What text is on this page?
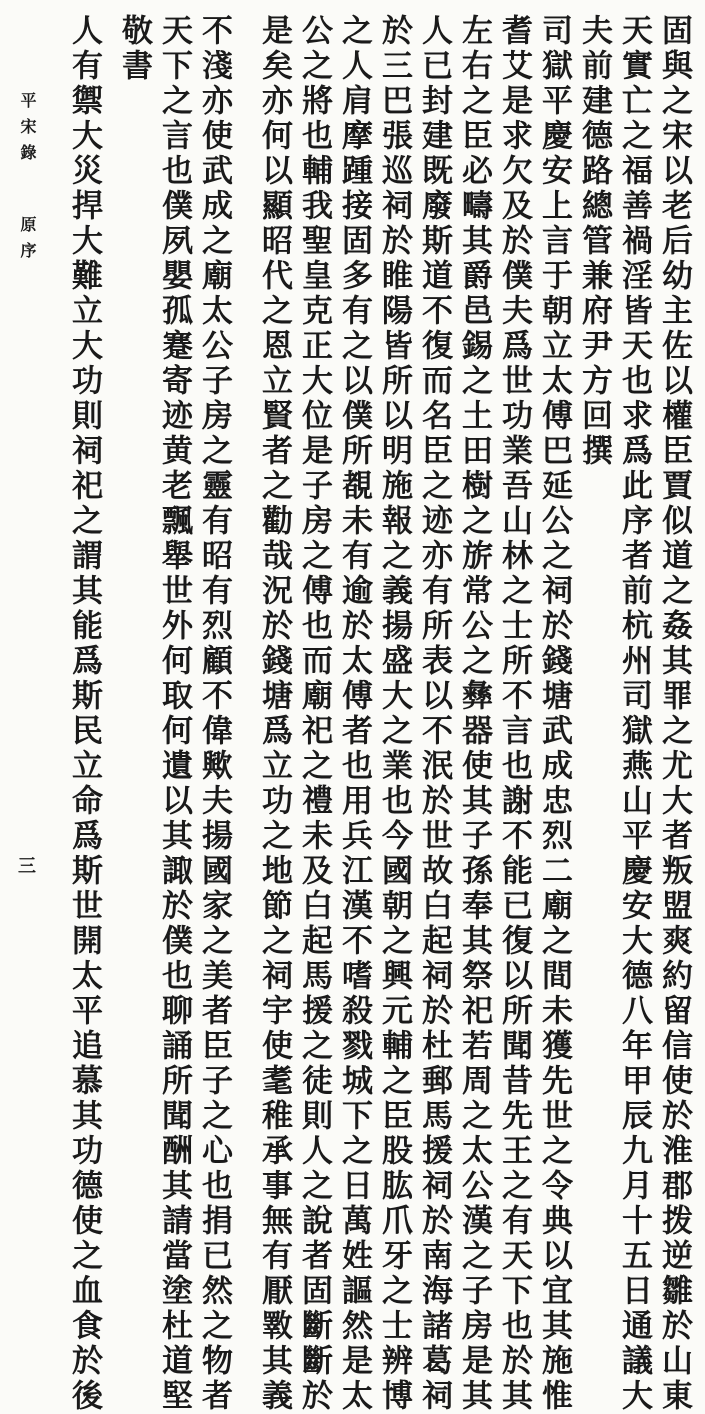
固與之宋以老后幼主佐以權臣賈似道之姦其罪之尤大者叛盟爽約留信使於淮郡拨逆雛於山東
天實亡之福善禍淫皆天也求爲此序者前杭州司獄燕山平慶安大德八年甲辰九月十五日通議大
夫前建德路總管兼府尹方回撰
司獄平慶安上言于朝立太傅巴延公之祠於錢塘武成忠烈二廟之間未獲先世之令典以宜其施惟
耆艾是求欠及於僕夫爲世功業吾山林之士所不言也謝不能已復以所聞昔先王之有天下也於其
左右之臣必疇其爵邑錫之土田樹之旂常公之彝器使其子孫奉其祭祀若周之太公漢之子房是其
人已封建既廢斯道不復而名臣之迹亦有所表以不泯於世故白起祠於杜郵馬援祠於南海諸葛祠
於三巴張巡祠於睢陽皆所以明施報之義揚盛大之業也今國朝之興元輔之臣股肱爪牙之士辨博
之人肩摩踵接固多有之以僕所覩未有逾於太傅者也用兵江漢不嗜殺戮城下之日萬姓謳然是太
公之將也輔我聖皇克正大位是子房之傅也而廟祀之禮未及白起馬援之徒則人之說者固斷斷於
是矣亦何以顯昭代之恩立賢者之勸哉況於錢塘爲立功之地節之祠宇使耄稚承事無有厭斁其義
不淺亦使武成之廟太公子房之靈有昭有烈顧不偉歟夫揚國家之美者臣子之心也捐已然之物者
天下之言也僕夙嬰孤蹇寄迹黄老飄舉世外何取何遺以其諏於僕也聊誦所聞酬其請當塗杜道堅
敬書
人有禦大災捍大難立大功則祠祀之謂其能爲斯民立命爲斯世開太平追慕其功德使之血食於後
平宋錄原序
三
